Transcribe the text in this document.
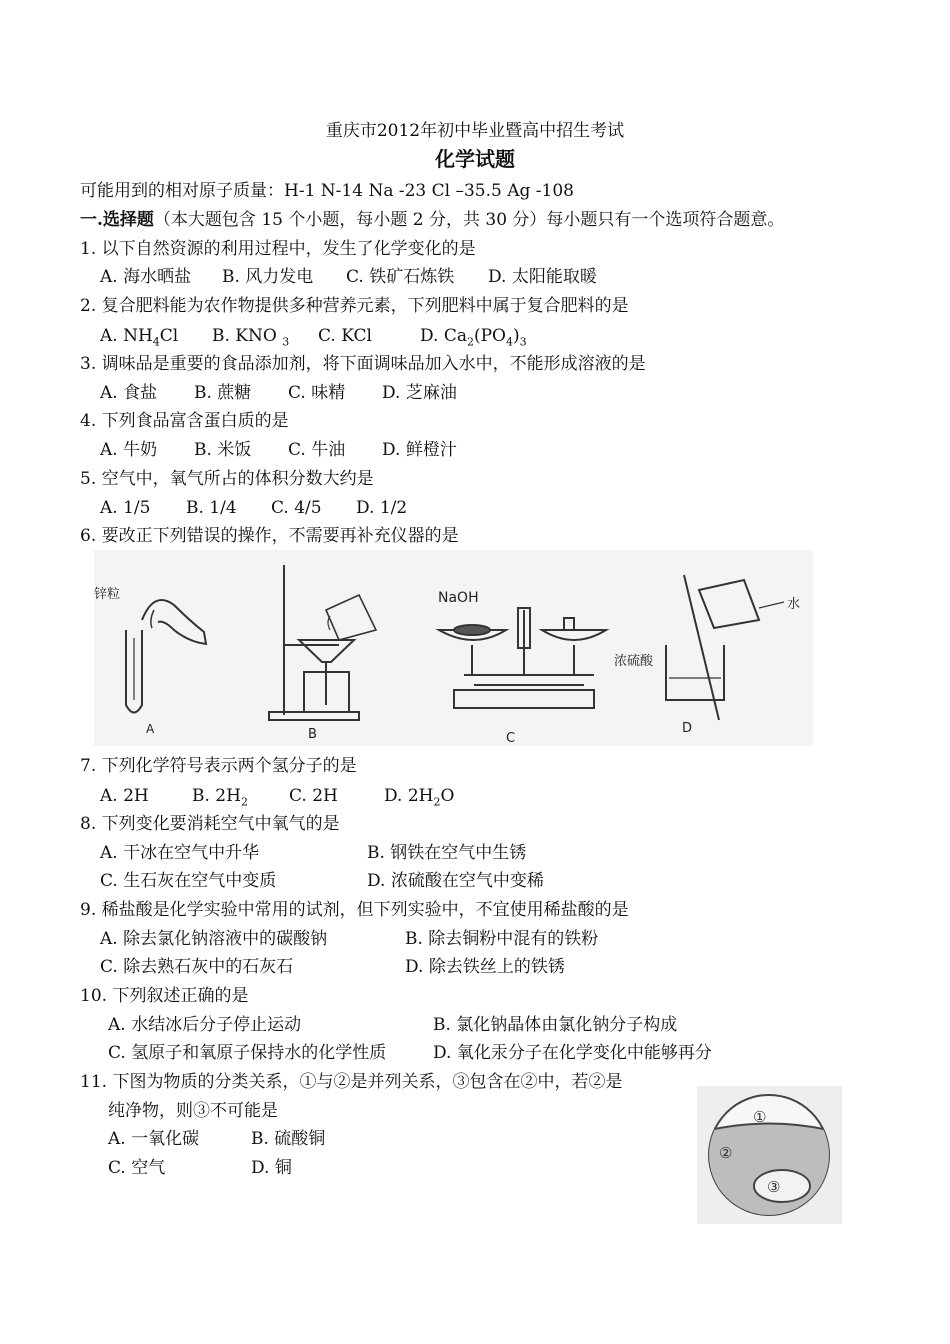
重庆市2012年初中毕业暨高中招生考试
化学试题
可能用到的相对原子质量：H-1 N-14 Na -23 Cl –35.5 Ag -108
一.选择题（本大题包含 15 个小题，每小题 2 分，共 30 分）每小题只有一个选项符合题意。
1. 以下自然资源的利用过程中，发生了化学变化的是
A. 海水晒盐 B. 风力发电 C. 铁矿石炼铁 D. 太阳能取暖
2. 复合肥料能为农作物提供多种营养元素，下列肥料中属于复合肥料的是
A. $NH_4Cl$ B. KNO $_3$ C. KCl	D. $Ca_2(PO_4)_3$
3. 调味品是重要的食品添加剂，将下面调味品加入水中，不能形成溶液的是
A. 食盐 B. 蔗糖 C. 味精 D. 芝麻油
4. 下列食品富含蛋白质的是
A. 牛奶 B. 米饭 C. 牛油 D. 鲜橙汁
5. 空气中，氧气所占的体积分数大约是
A. 1/5 B. 1/4 C. 4/5 D. 1/2
6. 要改正下列错误的操作，不需要再补充仪器的是
锌粒	NaOH
浓硫酸
水
A	B	C
D
7. 下列化学符号表示两个氢分子的是
A. 2H	B. $2H_2$ C. 2H	D. $2H_2O$
8. 下列变化要消耗空气中氧气的是
A. 干冰在空气中升华	B. 钢铁在空气中生锈
C. 生石灰在空气中变质	D. 浓硫酸在空气中变稀
9. 稀盐酸是化学实验中常用的试剂，但下列实验中，不宜使用稀盐酸的是
A. 除去氯化钠溶液中的碳酸钠	B. 除去铜粉中混有的铁粉
C. 除去熟石灰中的石灰石	D. 除去铁丝上的铁锈
10. 下列叙述正确的是
A. 水结冰后分子停止运动	B. 氯化钠晶体由氯化钠分子构成
C. 氢原子和氧原子保持水的化学性质	D. 氧化汞分子在化学变化中能够再分
11. 下图为物质的分类关系，①与②是并列关系，③包含在②中，若②是
纯净物，则③不可能是
A. 一氧化碳	B. 硫酸铜
C. 空气	D. 铜
①
②
③
